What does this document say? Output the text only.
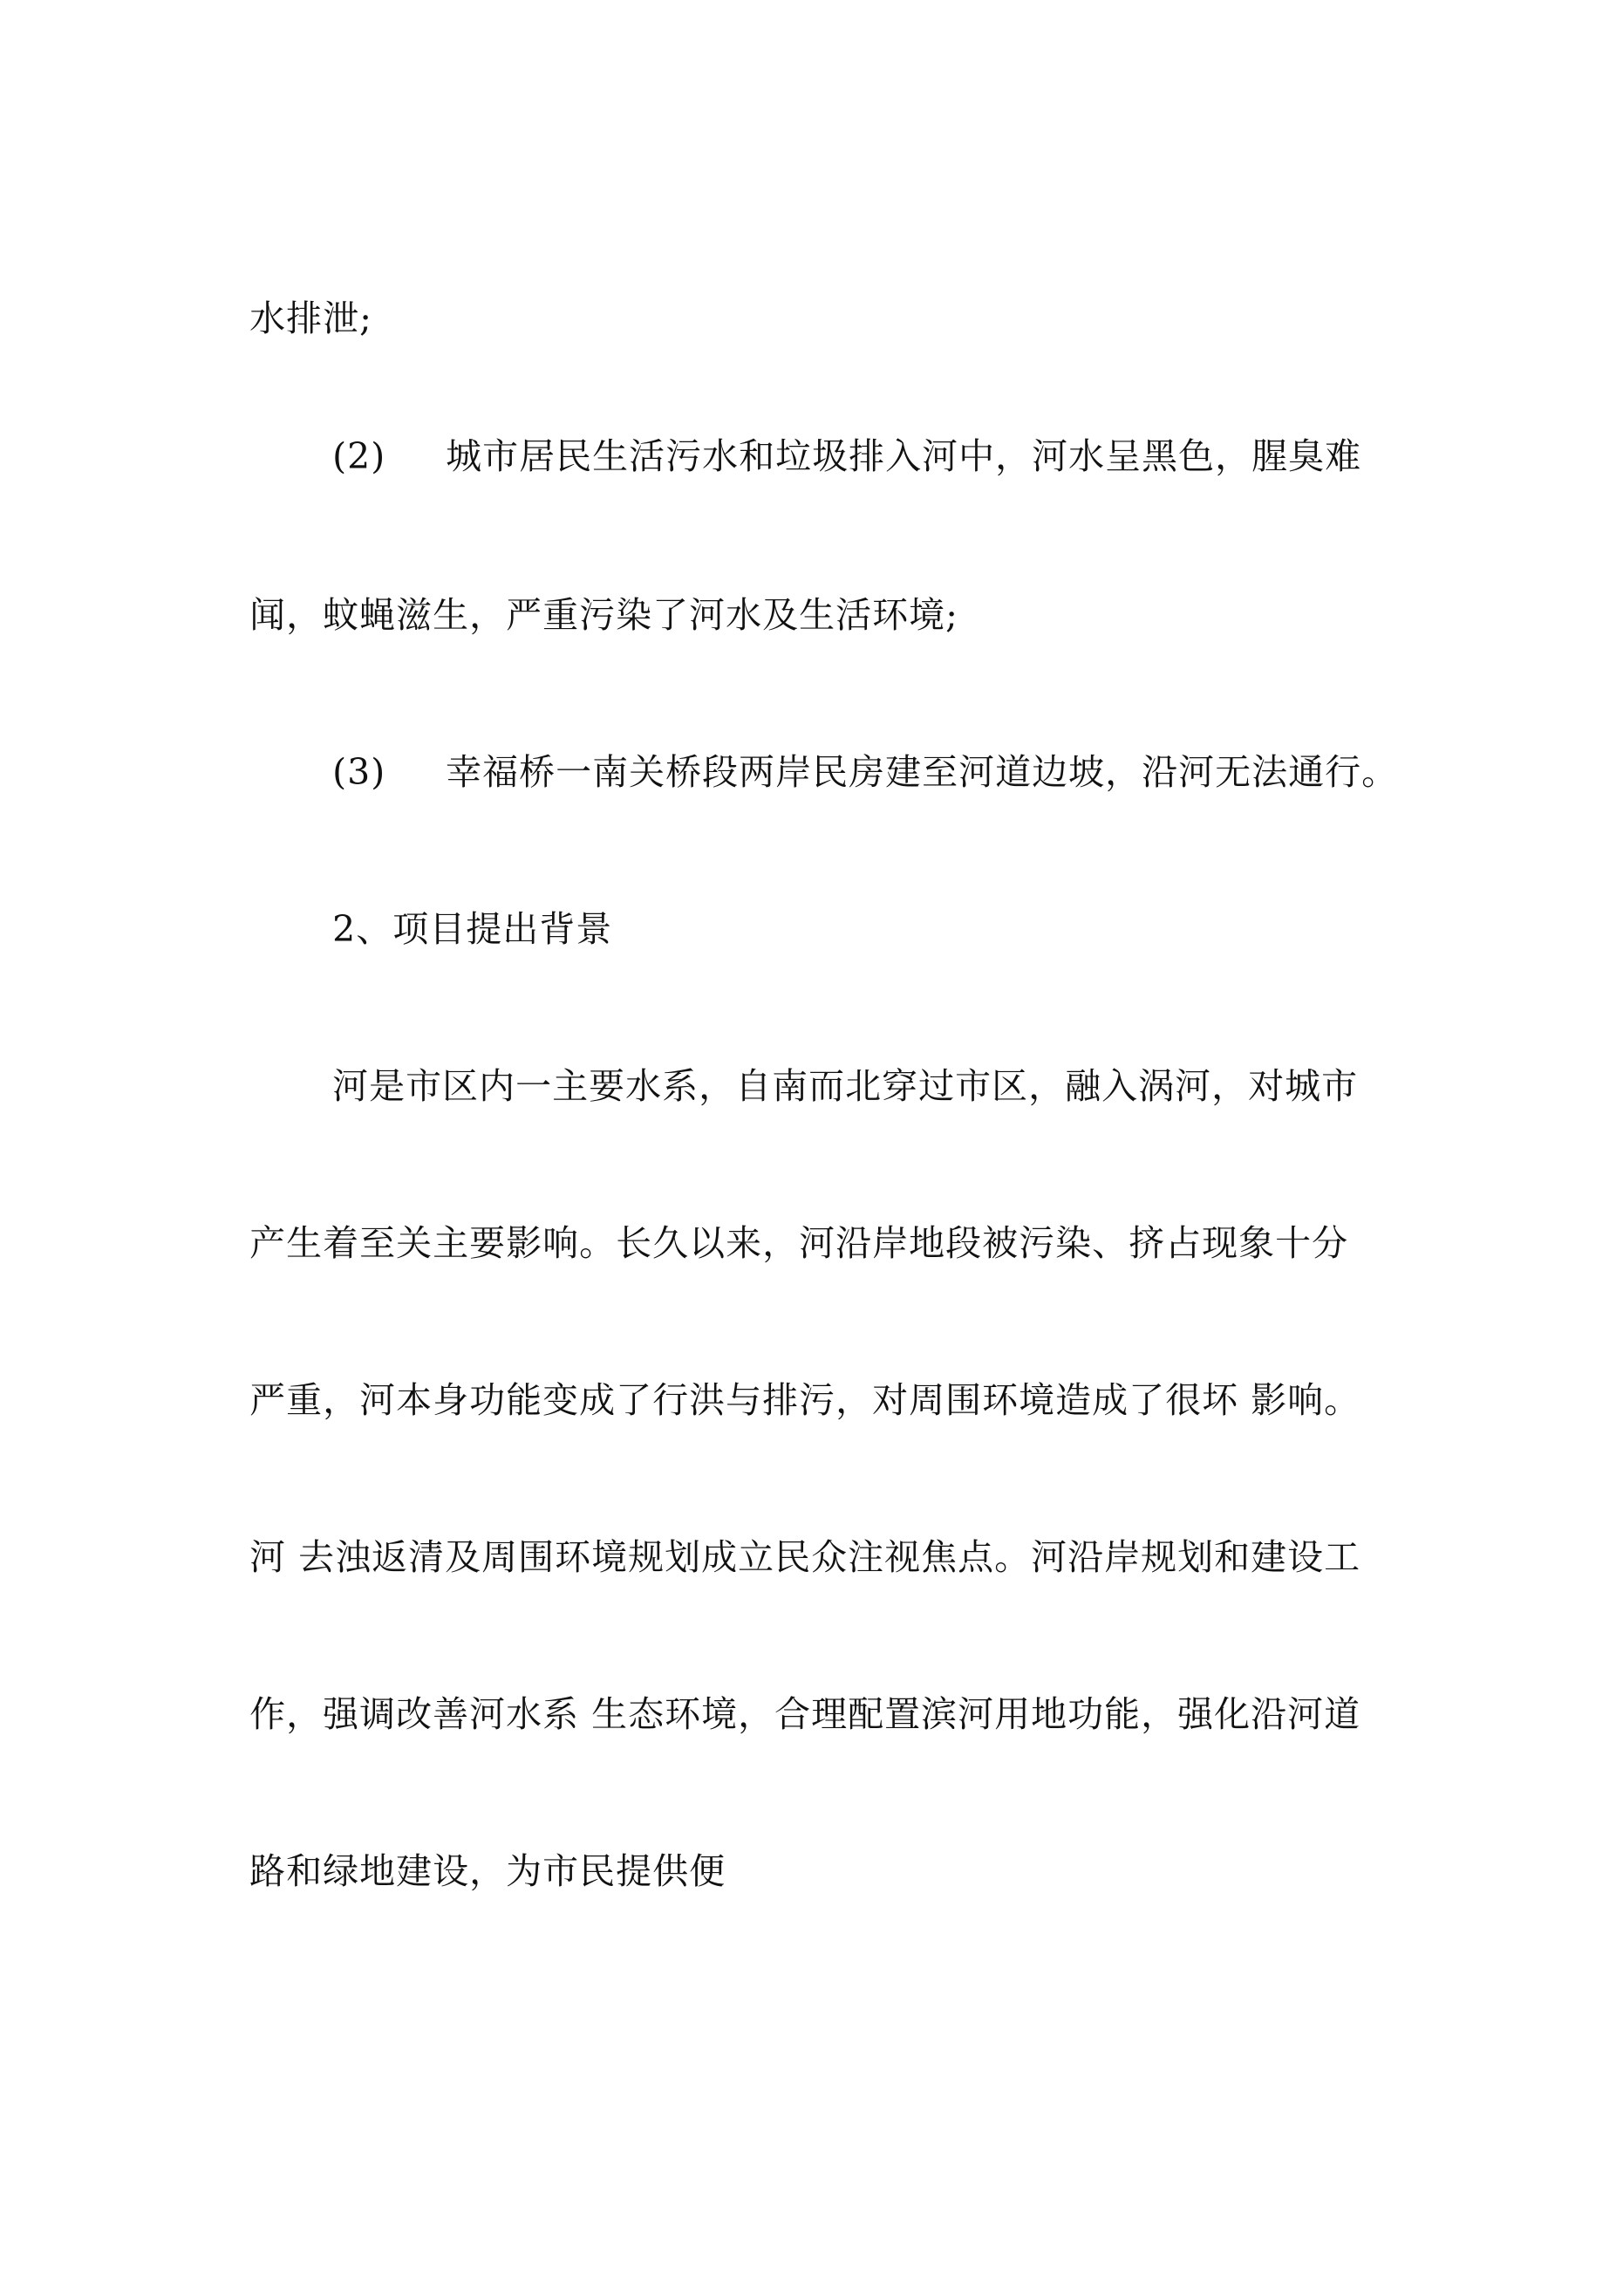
水排泄;

(2) 城市居民生活污水和垃圾排入河中，河水呈黑色，腥臭难

闻，蚊蝇滋生，严重污染了河水及生活环境;

(3) 幸福桥一南关桥段两岸民房建至河道边坡，沿河无法通行。

2、项目提出背景

河是市区内一主要水系，自南而北穿过市区，融入涡河，对城市

产生着至关主要影响。长久以来，河沿岸地段被污染、挤占现象十分

严重，河本身功能变成了行洪与排污，对周围环境造成了很坏 影响。

河 去浊返清及周围环境规划成立民众注视焦点。河沿岸规划和建设工

作，强调改善河水系 生态环境，合理配置滨河用地功能，强化沿河道

路和绿地建设，为市民提供便
